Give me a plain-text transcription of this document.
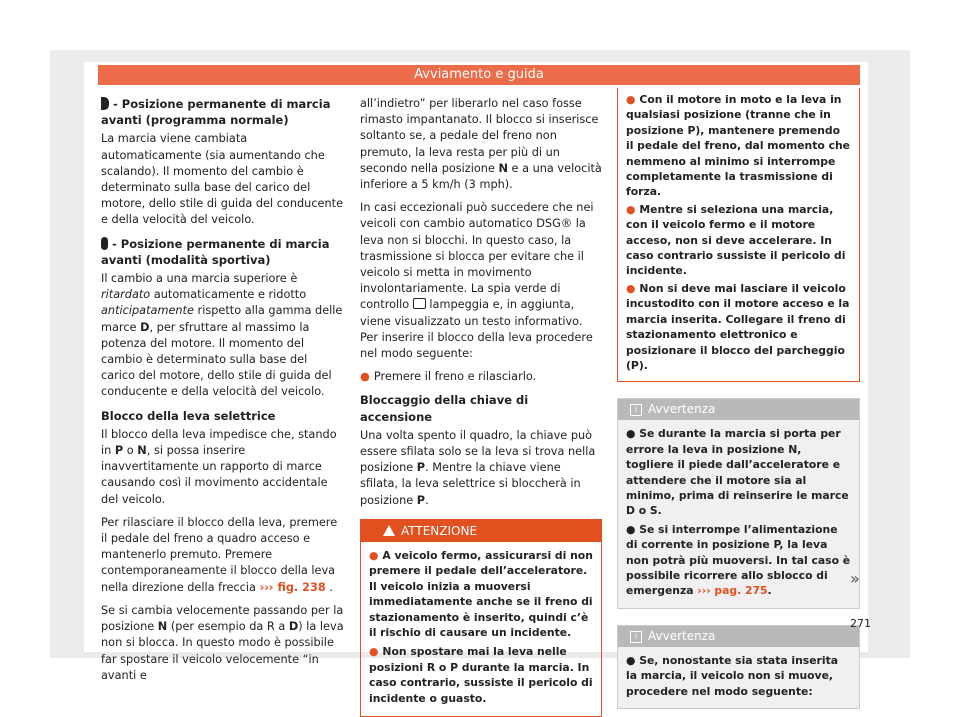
Avviamento e guida
- Posizione permanente di marcia avanti (programma normale)

La marcia viene cambiata automaticamente (sia aumentando che scalando). Il momento del cambio è determinato sulla base del carico del motore, dello stile di guida del conducente e della velocità del veicolo.

- Posizione permanente di marcia avanti (modalità sportiva)

Il cambio a una marcia superiore è ritardato automaticamente e ridotto anticipatamente rispetto alla gamma delle marce D, per sfruttare al massimo la potenza del motore. Il momento del cambio è determinato sulla base del carico del motore, dello stile di guida del conducente e della velocità del veicolo.

Blocco della leva selettrice

Il blocco della leva impedisce che, stando in P o N, si possa inserire inavvertitamente un rapporto di marce causando così il movimento accidentale del veicolo.

Per rilasciare il blocco della leva, premere il pedale del freno a quadro acceso e mantenerlo premuto. Premere contemporaneamente il blocco della leva nella direzione della freccia ››› fig. 238 .

Se si cambia velocemente passando per la posizione N (per esempio da R a D) la leva non si blocca. In questo modo è possibile far spostare il veicolo velocemente “in avanti e

all’indietro” per liberarlo nel caso fosse rimasto impantanato. Il blocco si inserisce soltanto se, a pedale del freno non premuto, la leva resta per più di un secondo nella posizione N e a una velocità inferiore a 5 km/h (3 mph).

In casi eccezionali può succedere che nei veicoli con cambio automatico DSG® la leva non si blocchi. In questo caso, la trasmissione si blocca per evitare che il veicolo si metta in movimento involontariamente. La spia verde di controllo lampeggia e, in aggiunta, viene visualizzato un testo informativo. Per inserire il blocco della leva procedere nel modo seguente:

● Premere il freno e rilasciarlo.

Bloccaggio della chiave di accensione

Una volta spento il quadro, la chiave può essere sfilata solo se la leva si trova nella posizione P. Mentre la chiave viene sfilata, la leva selettrice si bloccherà in posizione P.

ATTENZIONE

● A veicolo fermo, assicurarsi di non premere il pedale dell’acceleratore. Il veicolo inizia a muoversi immediatamente anche se il freno di stazionamento è inserito, quindi c’è il rischio di causare un incidente.

● Non spostare mai la leva nelle posizioni R o P durante la marcia. In caso contrario, sussiste il pericolo di incidente o guasto.

● Con il motore in moto e la leva in qualsiasi posizione (tranne che in posizione P), mantenere premendo il pedale del freno, dal momento che nemmeno al minimo si interrompe completamente la trasmissione di forza.

● Mentre si seleziona una marcia, con il veicolo fermo e il motore acceso, non si deve accelerare. In caso contrario sussiste il pericolo di incidente.

● Non si deve mai lasciare il veicolo incustodito con il motore acceso e la marcia inserita. Collegare il freno di stazionamento elettronico e posizionare il blocco del parcheggio (P).

i Avvertenza

● Se durante la marcia si porta per errore la leva in posizione N, togliere il piede dall’acceleratore e attendere che il motore sia al minimo, prima di reinserire le marce D o S.

● Se si interrompe l’alimentazione di corrente in posizione P, la leva non potrà più muoversi. In tal caso è possibile ricorrere allo sblocco di emergenza ››› pag. 275.

i Avvertenza

● Se, nonostante sia stata inserita la marcia, il veicolo non si muove, procedere nel modo seguente:

»
271
